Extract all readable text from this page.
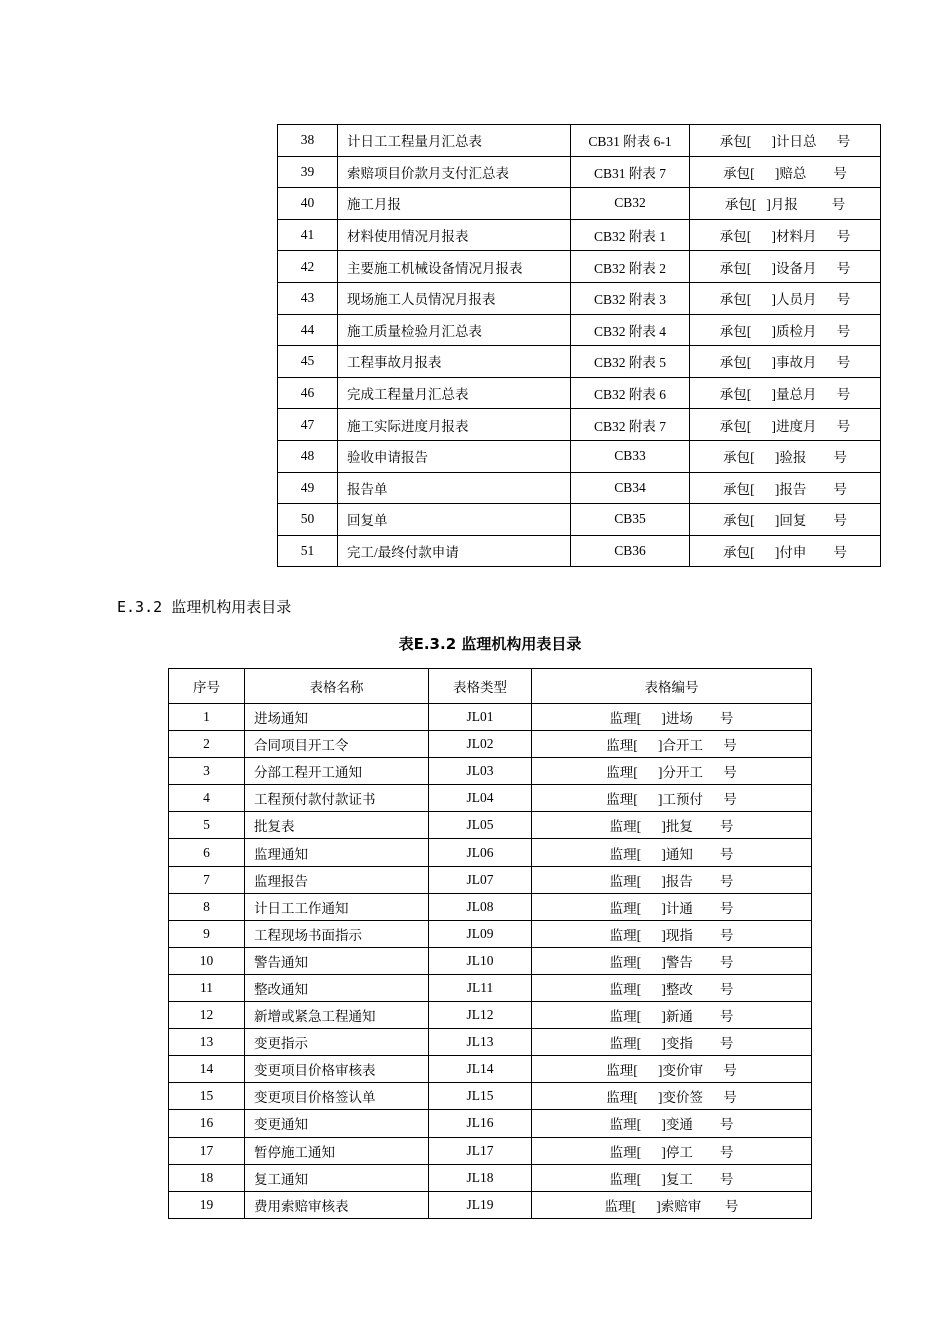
38	计日工工程量月汇总表	CB31 附表 6-1	承包[      ]计日总      号
39	索赔项目价款月支付汇总表	CB31 附表 7	承包[      ]赔总        号
40	施工月报	CB32	承包[   ]月报          号
41	材料使用情况月报表	CB32 附表 1	承包[      ]材料月      号
42	主要施工机械设备情况月报表	CB32 附表 2	承包[      ]设备月      号
43	现场施工人员情况月报表	CB32 附表 3	承包[      ]人员月      号
44	施工质量检验月汇总表	CB32 附表 4	承包[      ]质检月      号
45	工程事故月报表	CB32 附表 5	承包[      ]事故月      号
46	完成工程量月汇总表	CB32 附表 6	承包[      ]量总月      号
47	施工实际进度月报表	CB32 附表 7	承包[      ]进度月      号
48	验收申请报告	CB33	承包[      ]验报        号
49	报告单	CB34	承包[      ]报告        号
50	回复单	CB35	承包[      ]回复        号
51	完工/最终付款申请	CB36	承包[      ]付申        号
E.3.2 监理机构用表目录
表E.3.2 监理机构用表目录
序号	表格名称	表格类型	表格编号
1	进场通知	JL01	监理[      ]进场        号
2	合同项目开工令	JL02	监理[      ]合开工      号
3	分部工程开工通知	JL03	监理[      ]分开工      号
4	工程预付款付款证书	JL04	监理[      ]工预付      号
5	批复表	JL05	监理[      ]批复        号
6	监理通知	JL06	监理[      ]通知        号
7	监理报告	JL07	监理[      ]报告        号
8	计日工工作通知	JL08	监理[      ]计通        号
9	工程现场书面指示	JL09	监理[      ]现指        号
10	警告通知	JL10	监理[      ]警告        号
11	整改通知	JL11	监理[      ]整改        号
12	新增或紧急工程通知	JL12	监理[      ]新通        号
13	变更指示	JL13	监理[      ]变指        号
14	变更项目价格审核表	JL14	监理[      ]变价审      号
15	变更项目价格签认单	JL15	监理[      ]变价签      号
16	变更通知	JL16	监理[      ]变通        号
17	暂停施工通知	JL17	监理[      ]停工        号
18	复工通知	JL18	监理[      ]复工        号
19	费用索赔审核表	JL19	监理[      ]索赔审       号
